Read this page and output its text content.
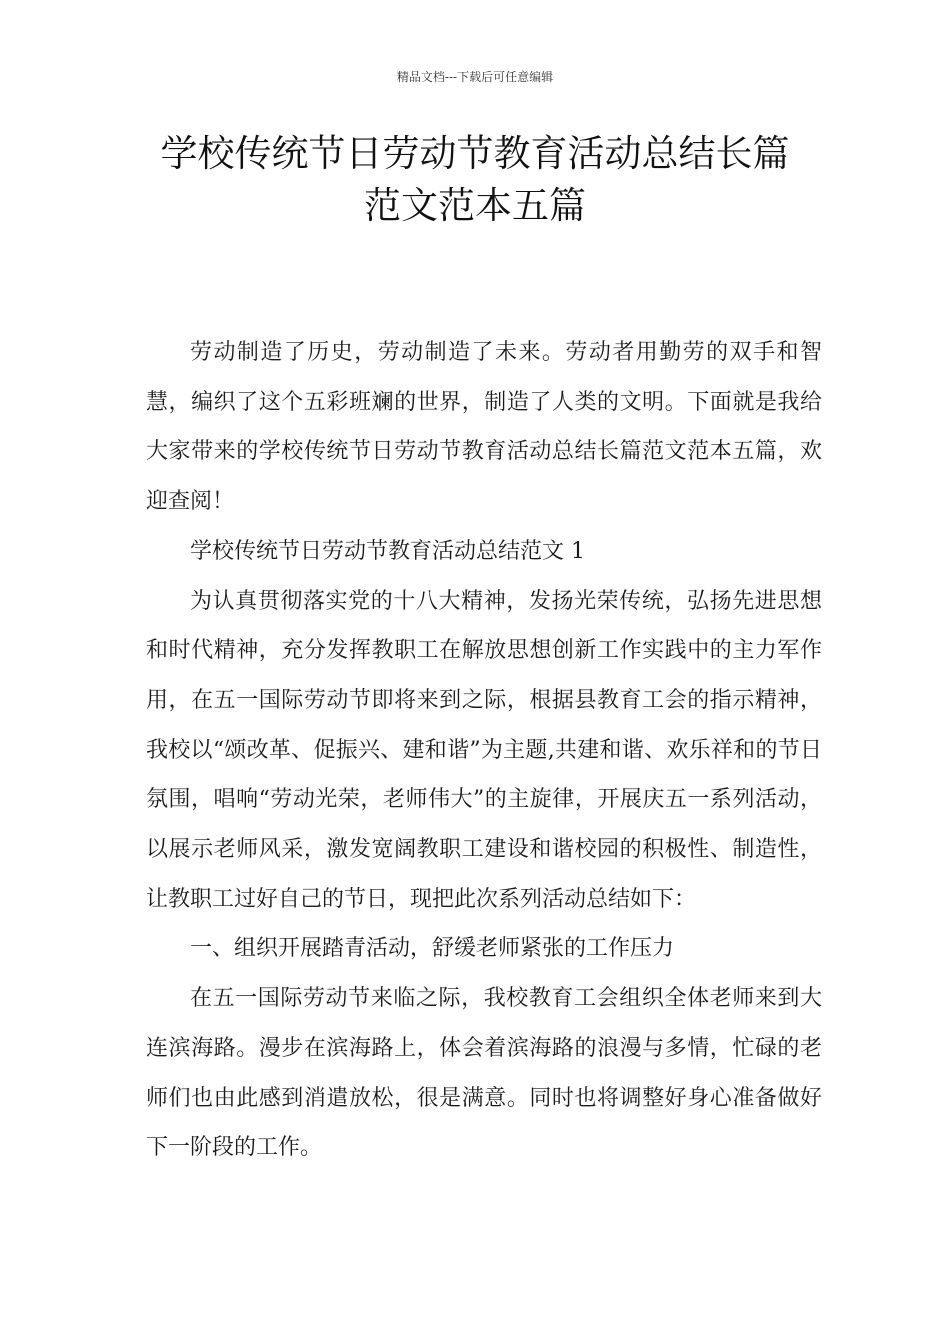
精品文档---下载后可任意编辑
学校传统节日劳动节教育活动总结长篇
范文范本五篇

劳动制造了历史，劳动制造了未来。劳动者用勤劳的双手和智慧，编织了这个五彩班斓的世界，制造了人类的文明。下面就是我给大家带来的学校传统节日劳动节教育活动总结长篇范文范本五篇，欢迎查阅！

学校传统节日劳动节教育活动总结范文 1

为认真贯彻落实党的十八大精神，发扬光荣传统，弘扬先进思想和时代精神，充分发挥教职工在解放思想创新工作实践中的主力军作用，在五一国际劳动节即将来到之际，根据县教育工会的指示精神，我校以“颂改革、促振兴、建和谐”为主题,共建和谐、欢乐祥和的节日氛围，唱响“劳动光荣，老师伟大”的主旋律，开展庆五一系列活动，以展示老师风采，激发宽阔教职工建设和谐校园的积极性、制造性，让教职工过好自己的节日，现把此次系列活动总结如下：

一、组织开展踏青活动，舒缓老师紧张的工作压力

在五一国际劳动节来临之际，我校教育工会组织全体老师来到大连滨海路。漫步在滨海路上，体会着滨海路的浪漫与多情，忙碌的老师们也由此感到消遣放松，很是满意。同时也将调整好身心准备做好下一阶段的工作。
